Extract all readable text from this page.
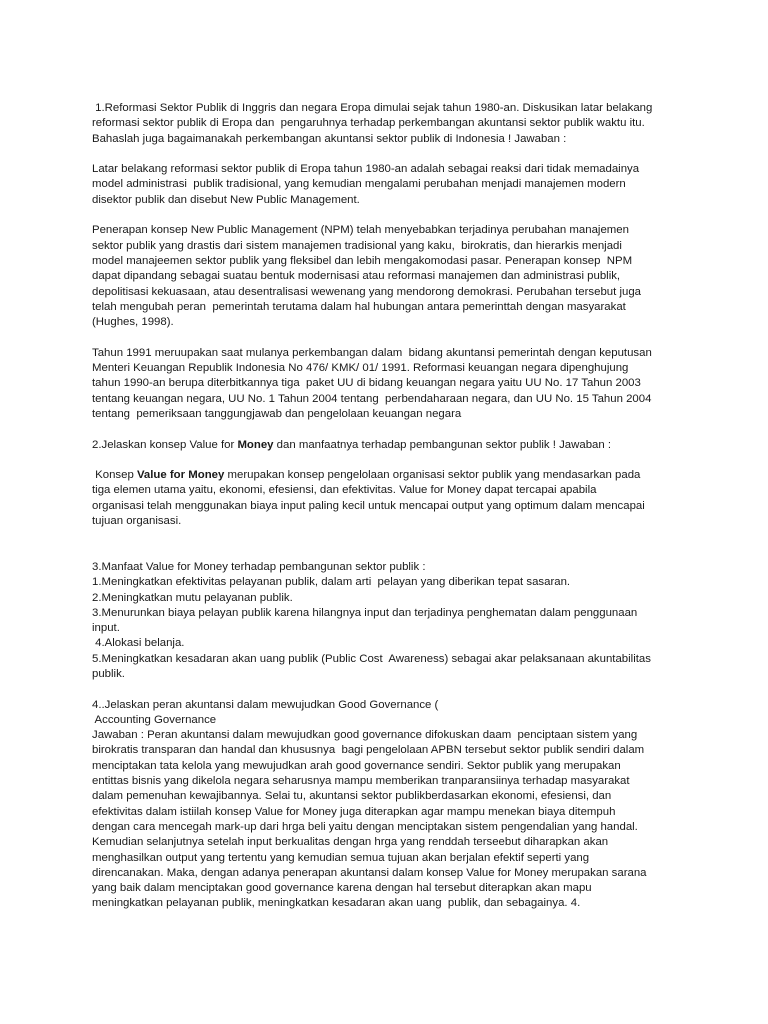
1.Reformasi Sektor Publik di Inggris dan negara Eropa dimulai sejak tahun 1980-an. Diskusikan latar belakang
reformasi sektor publik di Eropa dan  pengaruhnya terhadap perkembangan akuntansi sektor publik waktu itu.
Bahaslah juga bagaimanakah perkembangan akuntansi sektor publik di Indonesia ! Jawaban :
Latar belakang reformasi sektor publik di Eropa tahun 1980-an adalah sebagai reaksi dari tidak memadainya
model administrasi  publik tradisional, yang kemudian mengalami perubahan menjadi manajemen modern
disektor publik dan disebut New Public Management.
Penerapan konsep New Public Management (NPM) telah menyebabkan terjadinya perubahan manajemen
sektor publik yang drastis dari sistem manajemen tradisional yang kaku,  birokratis, dan hierarkis menjadi
model manajeemen sektor publik yang fleksibel dan lebih mengakomodasi pasar. Penerapan konsep  NPM
dapat dipandang sebagai suatau bentuk modernisasi atau reformasi manajemen dan administrasi publik,
depolitisasi kekuasaan, atau desentralisasi wewenang yang mendorong demokrasi. Perubahan tersebut juga
telah mengubah peran  pemerintah terutama dalam hal hubungan antara pemerinttah dengan masyarakat
(Hughes, 1998).
Tahun 1991 meruupakan saat mulanya perkembangan dalam  bidang akuntansi pemerintah dengan keputusan
Menteri Keuangan Republik Indonesia No 476/ KMK/ 01/ 1991. Reformasi keuangan negara dipenghujung
tahun 1990-an berupa diterbitkannya tiga  paket UU di bidang keuangan negara yaitu UU No. 17 Tahun 2003
tentang keuangan negara, UU No. 1 Tahun 2004 tentang  perbendaharaan negara, dan UU No. 15 Tahun 2004
tentang  pemeriksaan tanggungjawab dan pengelolaan keuangan negara
2.Jelaskan konsep Value for Money dan manfaatnya terhadap pembangunan sektor publik ! Jawaban :
Konsep Value for Money merupakan konsep pengelolaan organisasi sektor publik yang mendasarkan pada
tiga elemen utama yaitu, ekonomi, efesiensi, dan efektivitas. Value for Money dapat tercapai apabila
organisasi telah menggunakan biaya input paling kecil untuk mencapai output yang optimum dalam mencapai
tujuan organisasi.
3.Manfaat Value for Money terhadap pembangunan sektor publik :
1.Meningkatkan efektivitas pelayanan publik, dalam arti  pelayan yang diberikan tepat sasaran.
2.Meningkatkan mutu pelayanan publik.
3.Menurunkan biaya pelayan publik karena hilangnya input dan terjadinya penghematan dalam penggunaan
input.
4.Alokasi belanja.
5.Meningkatkan kesadaran akan uang publik (Public Cost  Awareness) sebagai akar pelaksanaan akuntabilitas
publik.
4..Jelaskan peran akuntansi dalam mewujudkan Good Governance (
Accounting Governance
Jawaban : Peran akuntansi dalam mewujudkan good governance difokuskan daam  penciptaan sistem yang
birokratis transparan dan handal dan khususnya  bagi pengelolaan APBN tersebut sektor publik sendiri dalam
menciptakan tata kelola yang mewujudkan arah good governance sendiri. Sektor publik yang merupakan
entittas bisnis yang dikelola negara seharusnya mampu memberikan tranparansiinya terhadap masyarakat
dalam pemenuhan kewajibannya. Selai tu, akuntansi sektor publikberdasarkan ekonomi, efesiensi, dan
efektivitas dalam istiilah konsep Value for Money juga diterapkan agar mampu menekan biaya ditempuh
dengan cara mencegah mark-up dari hrga beli yaitu dengan menciptakan sistem pengendalian yang handal.
Kemudian selanjutnya setelah input berkualitas dengan hrga yang renddah terseebut diharapkan akan
menghasilkan output yang tertentu yang kemudian semua tujuan akan berjalan efektif seperti yang
direncanakan. Maka, dengan adanya penerapan akuntansi dalam konsep Value for Money merupakan sarana
yang baik dalam menciptakan good governance karena dengan hal tersebut diterapkan akan mapu
meningkatkan pelayanan publik, meningkatkan kesadaran akan uang  publik, dan sebagainya. 4.
